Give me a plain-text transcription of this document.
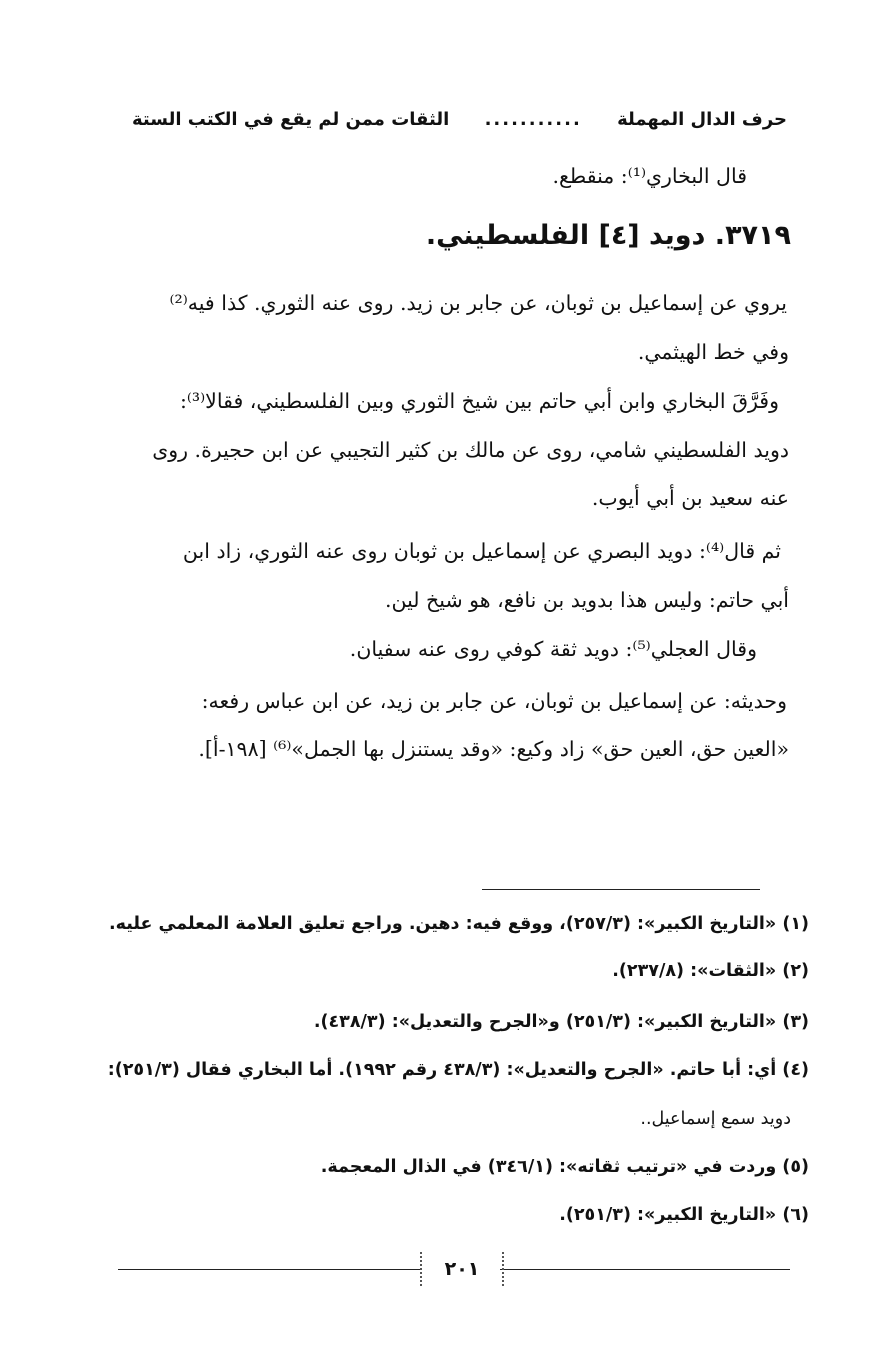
حرف الدال المهملة
...........
الثقات ممن لم يقع في الكتب الستة
قال البخاري⁽¹⁾: منقطع.
٣٧١٩. دويد [٤] الفلسطيني.
يروي عن إسماعيل بن ثوبان، عن جابر بن زيد. روى عنه الثوري. كذا فيه⁽²⁾
وفي خط الهيثمي.
وفَرَّقَ البخاري وابن أبي حاتم بين شيخ الثوري وبين الفلسطيني، فقالا⁽³⁾:
دويد الفلسطيني شامي، روى عن مالك بن كثير التجيبي عن ابن حجيرة. روى
عنه سعيد بن أبي أيوب.
ثم قال⁽⁴⁾: دويد البصري عن إسماعيل بن ثوبان روى عنه الثوري، زاد ابن
أبي حاتم: وليس هذا بدويد بن نافع، هو شيخ لين.
وقال العجلي⁽⁵⁾: دويد ثقة كوفي روى عنه سفيان.
وحديثه: عن إسماعيل بن ثوبان، عن جابر بن زيد، عن ابن عباس رفعه:
«العين حق، العين حق» زاد وكيع: «وقد يستنزل بها الجمل»⁽⁶⁾ [١٩٨-أ].
(١) «التاريخ الكبير»: (٢٥٧/٣)، ووقع فيه: دهين. وراجع تعليق العلامة المعلمي عليه.
(٢) «الثقات»: (٢٣٧/٨).
(٣) «التاريخ الكبير»: (٢٥١/٣) و«الجرح والتعديل»: (٤٣٨/٣).
(٤) أي: أبا حاتم. «الجرح والتعديل»: (٤٣٨/٣ رقم ١٩٩٢). أما البخاري فقال (٢٥١/٣):
دويد سمع إسماعيل..
(٥) وردت في «ترتيب ثقاته»: (٣٤٦/١) في الذال المعجمة.
(٦) «التاريخ الكبير»: (٢٥١/٣).
٢٠١
